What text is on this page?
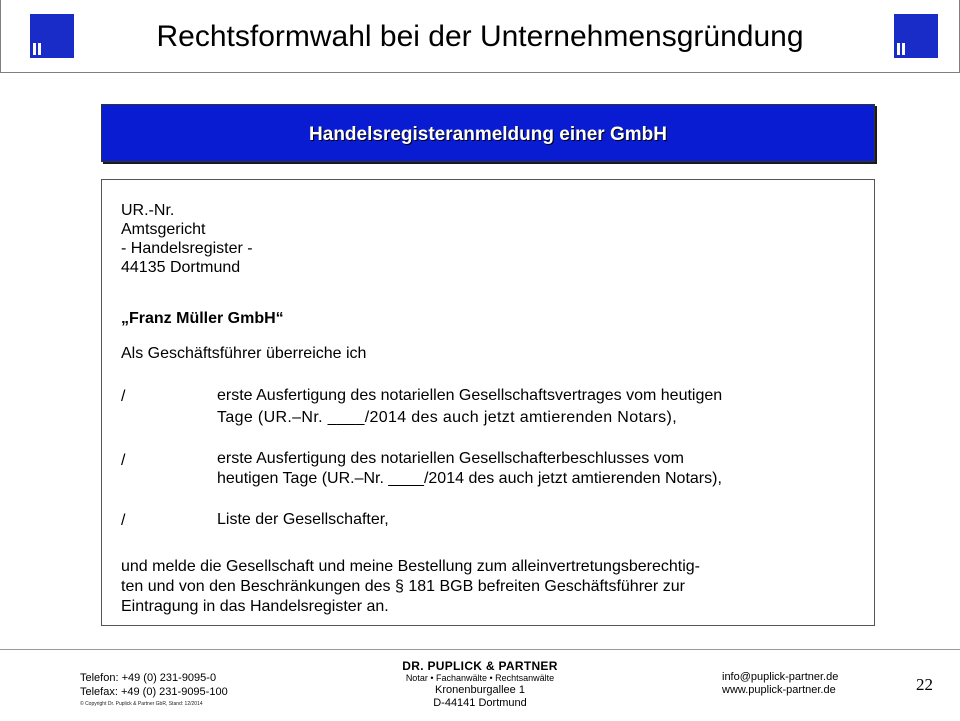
Rechtsformwahl bei der Unternehmensgründung
Handelsregisteranmeldung einer GmbH
UR.-Nr.
Amtsgericht
- Handelsregister -
44135 Dortmund
„Franz Müller GmbH“
Als Geschäftsführer überreiche ich
/	erste Ausfertigung des notariellen Gesellschaftsvertrages vom heutigen
Tage (UR.–Nr. ____/2014 des auch jetzt amtierenden Notars),
/	erste Ausfertigung des notariellen Gesellschafterbeschlusses vom
heutigen Tage (UR.–Nr. ____/2014 des auch jetzt amtierenden Notars),
/	Liste der Gesellschafter,
und melde die Gesellschaft und meine Bestellung zum alleinvertretungsberechtig-
ten und von den Beschränkungen des § 181 BGB befreiten Geschäftsführer zur
Eintragung in das Handelsregister an.
Telefon: +49 (0) 231-9095-0
Telefax: +49 (0) 231-9095-100
© Copyright Dr. Puplick & Partner GbR, Stand: 12/2014
DR. PUPLICK & PARTNER
Notar • Fachanwälte • Rechtsanwälte
Kronenburgallee 1
D-44141 Dortmund
info@puplick-partner.de
www.puplick-partner.de	22
